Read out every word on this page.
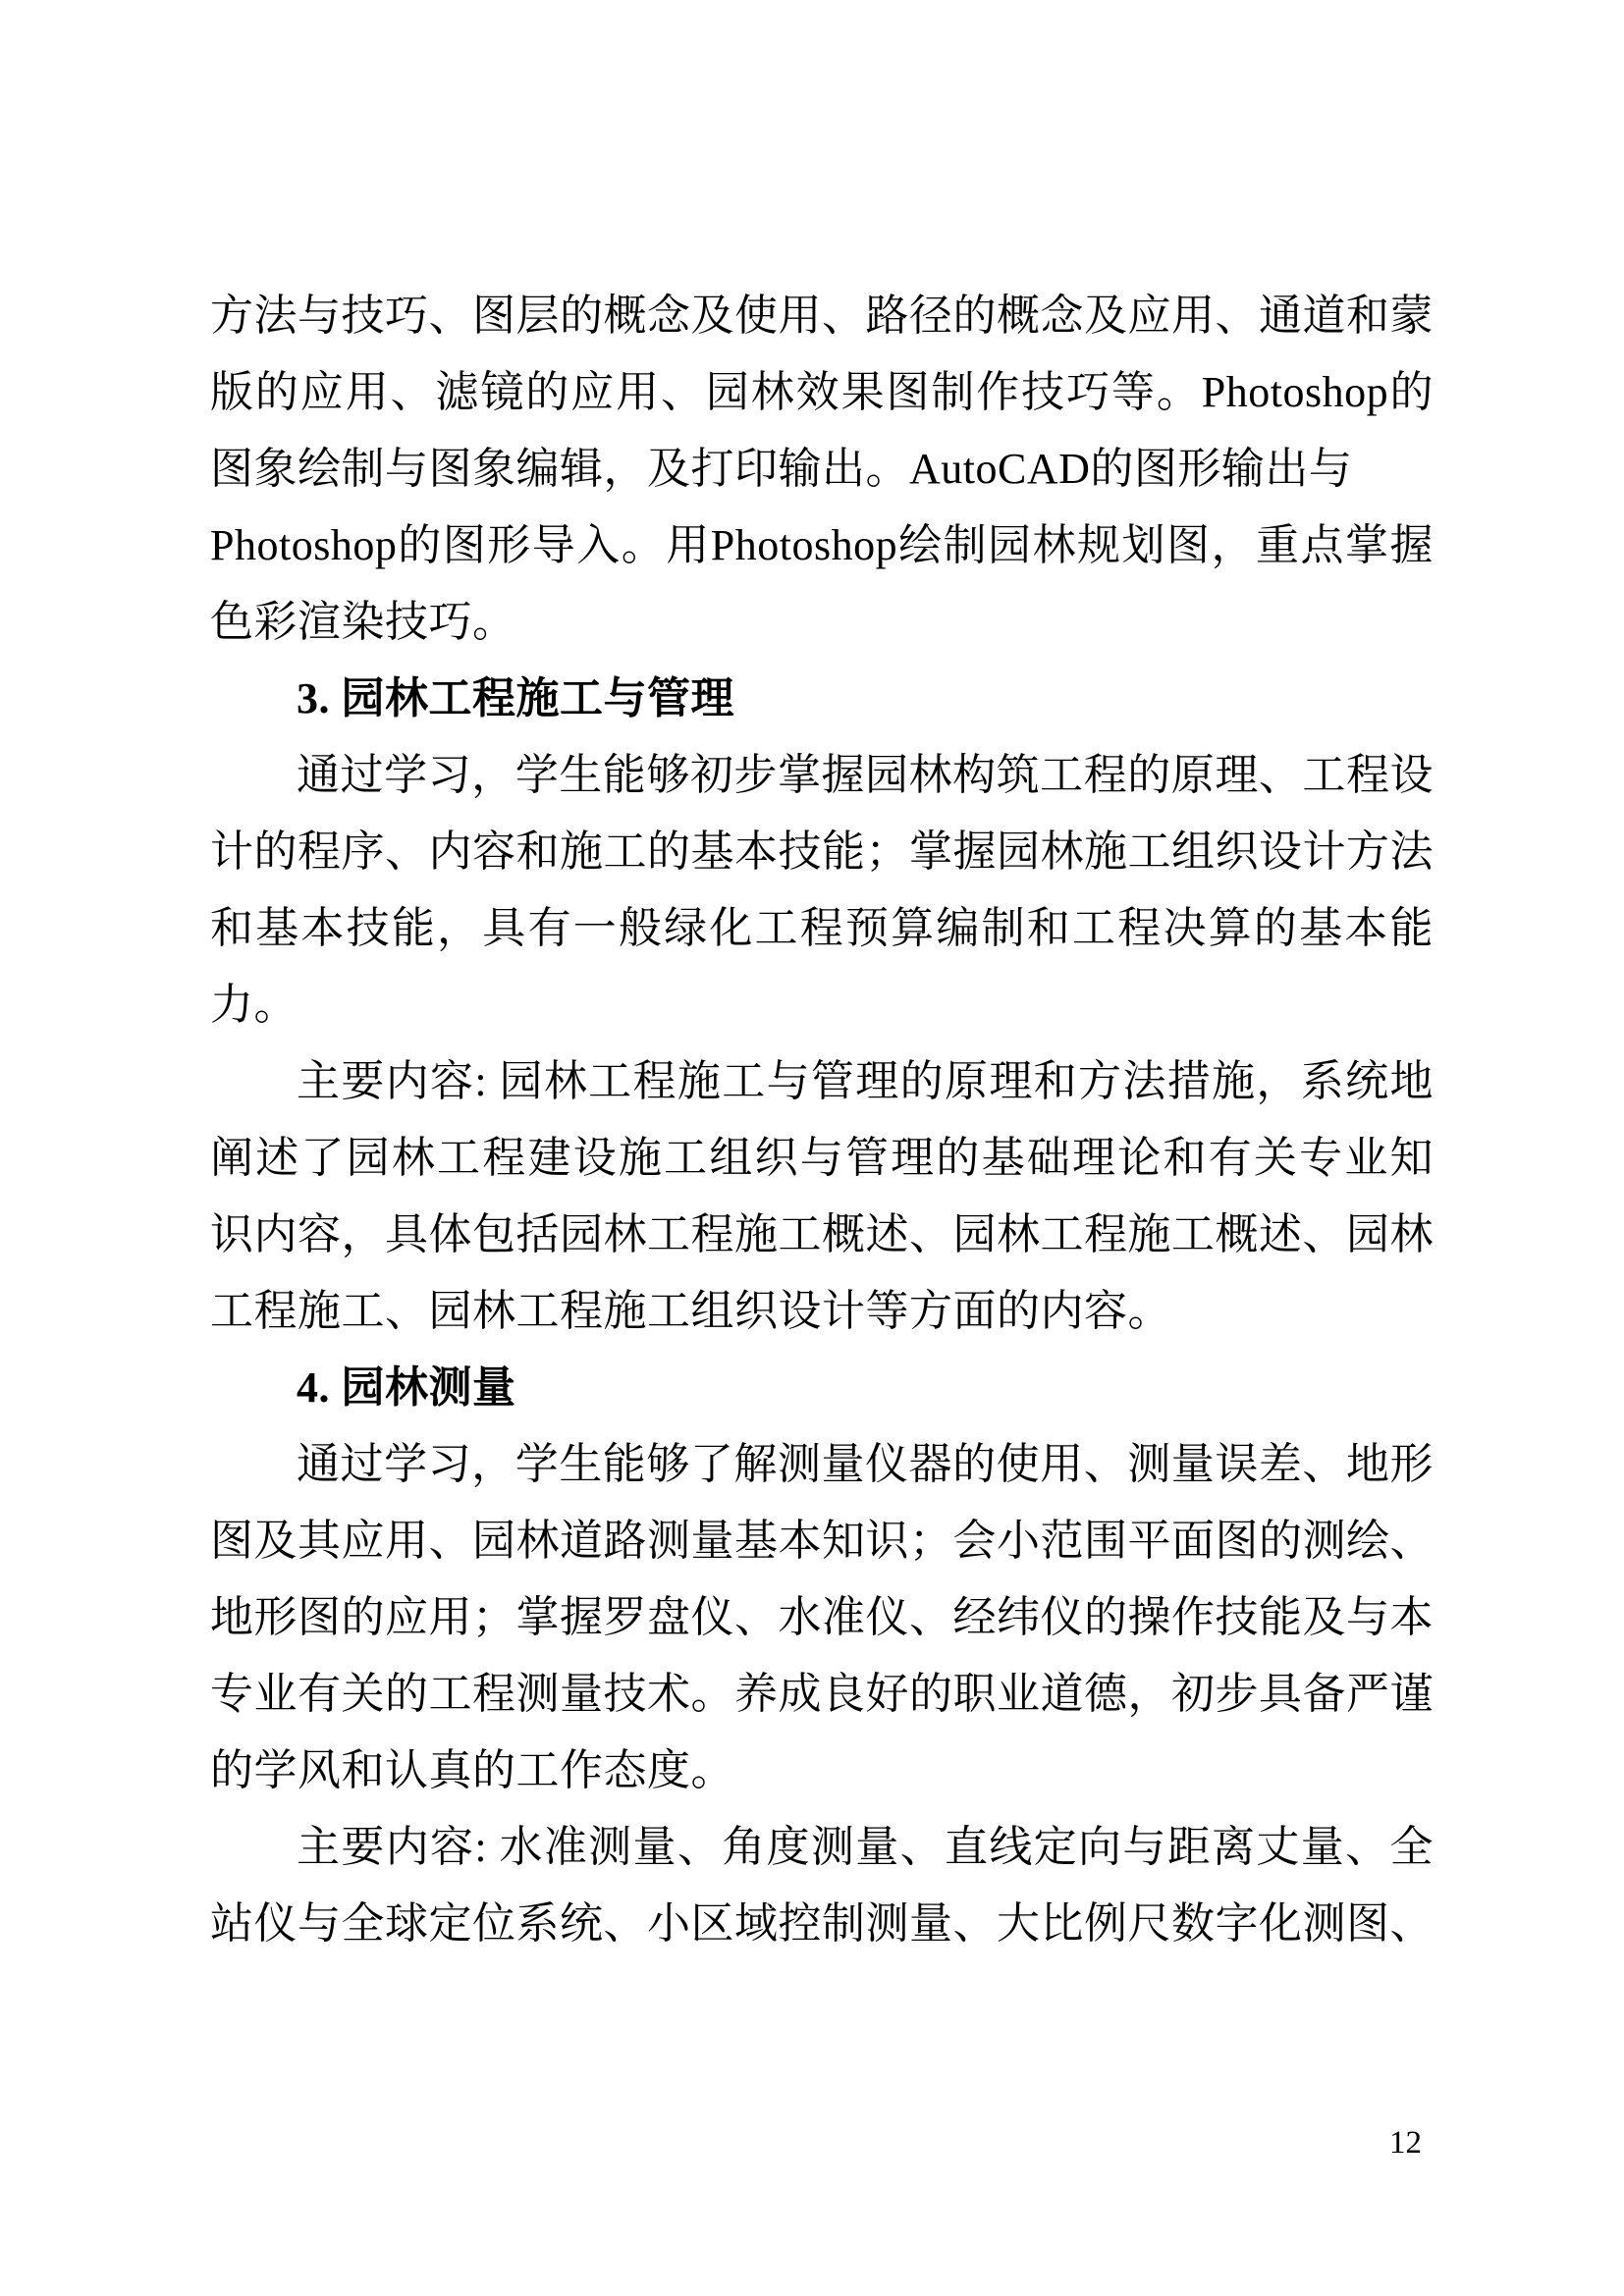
方法与技巧、图层的概念及使用、路径的概念及应用、通道和蒙
版的应用、滤镜的应用、园林效果图制作技巧等。Photoshop的
图象绘制与图象编辑，及打印输出。AutoCAD的图形输出与
Photoshop的图形导入。用Photoshop绘制园林规划图，重点掌握
色彩渲染技巧。
3. 园林工程施工与管理
通过学习，学生能够初步掌握园林构筑工程的原理、工程设
计的程序、内容和施工的基本技能；掌握园林施工组织设计方法
和基本技能，具有一般绿化工程预算编制和工程决算的基本能
力。
主要内容: 园林工程施工与管理的原理和方法措施，系统地
阐述了园林工程建设施工组织与管理的基础理论和有关专业知
识内容，具体包括园林工程施工概述、园林工程施工概述、园林
工程施工、园林工程施工组织设计等方面的内容。
4. 园林测量
通过学习，学生能够了解测量仪器的使用、测量误差、地形
图及其应用、园林道路测量基本知识；会小范围平面图的测绘、
地形图的应用；掌握罗盘仪、水准仪、经纬仪的操作技能及与本
专业有关的工程测量技术。养成良好的职业道德，初步具备严谨
的学风和认真的工作态度。
主要内容: 水准测量、角度测量、直线定向与距离丈量、全
站仪与全球定位系统、小区域控制测量、大比例尺数字化测图、
12
